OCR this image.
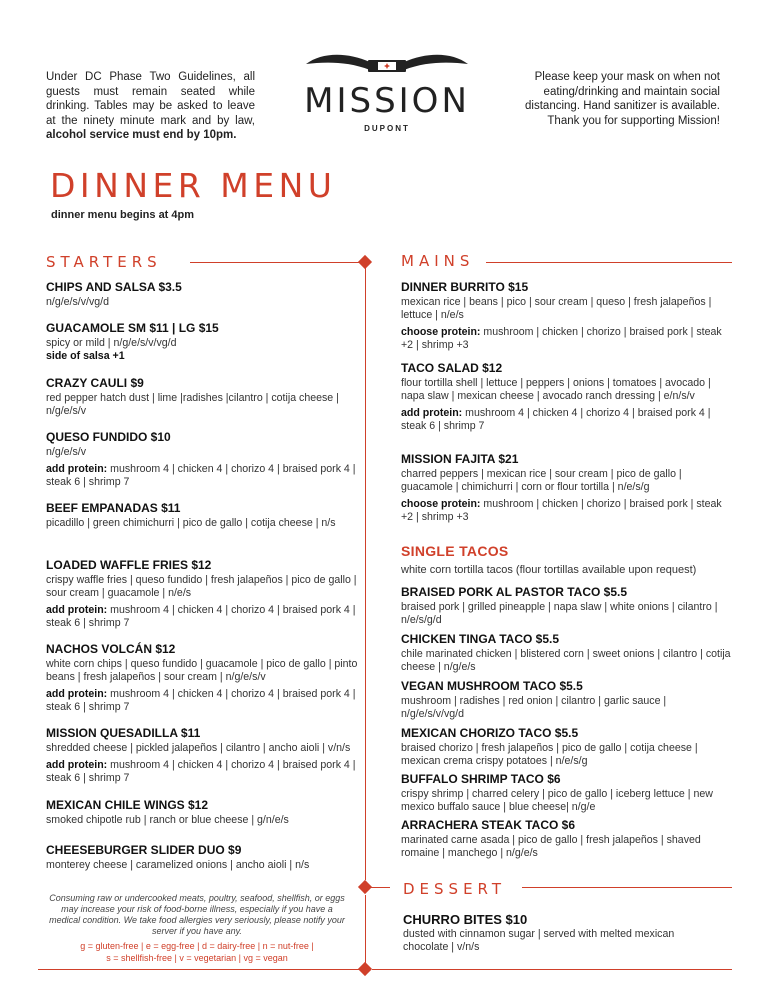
Under DC Phase Two Guidelines, all guests must remain seated while drinking. Tables may be asked to leave at the ninety minute mark and by law, alcohol service must end by 10pm.
Please keep your mask on when not
eating/drinking and maintain social
distancing. Hand sanitizer is available.
Thank you for supporting Mission!
MISSION
DUPONT
DINNER MENU
dinner menu begins at 4pm
STARTERS	MAINS
DESSERT
CHIPS AND SALSA $3.5
n/g/e/s/v/vg/d
GUACAMOLE SM $11 | LG $15
spicy or mild | n/g/e/s/v/vg/d
side of salsa +1
CRAZY CAULI $9
red pepper hatch dust | lime |radishes |cilantro | cotija cheese | n/g/e/s/v
QUESO FUNDIDO $10
n/g/e/s/v
add protein: mushroom 4 | chicken 4 | chorizo 4 | braised pork 4 | steak 6 | shrimp 7
BEEF EMPANADAS $11
picadillo | green chimichurri | pico de gallo | cotija cheese | n/s
LOADED WAFFLE FRIES $12
crispy waffle fries | queso fundido | fresh jalapeños | pico de gallo | sour cream | guacamole | n/e/s
add protein: mushroom 4 | chicken 4 | chorizo 4 | braised pork 4 | steak 6 | shrimp 7
NACHOS VOLCÁN $12
white corn chips | queso fundido | guacamole | pico de gallo | pinto beans | fresh jalapeños | sour cream | n/g/e/s/v
add protein: mushroom 4 | chicken 4 | chorizo 4 | braised pork 4 | steak 6 | shrimp 7
MISSION QUESADILLA $11
shredded cheese | pickled jalapeños | cilantro | ancho aioli | v/n/s
add protein: mushroom 4 | chicken 4 | chorizo 4 | braised pork 4 | steak 6 | shrimp 7
MEXICAN CHILE WINGS $12
smoked chipotle rub | ranch or blue cheese | g/n/e/s
CHEESEBURGER SLIDER DUO $9
monterey cheese | caramelized onions | ancho aioli | n/s
DINNER BURRITO $15
mexican rice | beans | pico | sour cream | queso | fresh jalapeños | lettuce | n/e/s
choose protein: mushroom | chicken | chorizo | braised pork | steak +2 | shrimp +3
TACO SALAD $12
flour tortilla shell | lettuce | peppers | onions | tomatoes | avocado | napa slaw | mexican cheese | avocado ranch dressing | e/n/s/v
add protein: mushroom 4 | chicken 4 | chorizo 4 | braised pork 4 | steak 6 | shrimp 7
MISSION FAJITA $21
charred peppers | mexican rice | sour cream | pico de gallo | guacamole | chimichurri | corn or flour tortilla | n/e/s/g
choose protein: mushroom | chicken | chorizo | braised pork | steak +2 | shrimp +3
SINGLE TACOS
white corn tortilla tacos (flour tortillas available upon request)
BRAISED PORK AL PASTOR TACO $5.5
braised pork | grilled pineapple | napa slaw | white onions | cilantro | n/e/s/g/d
CHICKEN TINGA TACO $5.5
chile marinated chicken | blistered corn | sweet onions | cilantro | cotija cheese | n/g/e/s
VEGAN MUSHROOM TACO $5.5
mushroom | radishes | red onion | cilantro | garlic sauce | n/g/e/s/v/vg/d
MEXICAN CHORIZO TACO $5.5
braised chorizo | fresh jalapeños | pico de gallo | cotija cheese | mexican crema crispy potatoes | n/e/s/g
BUFFALO SHRIMP TACO $6
crispy shrimp | charred celery | pico de gallo | iceberg lettuce | new mexico buffalo sauce | blue cheese| n/g/e
ARRACHERA STEAK TACO $6
marinated carne asada | pico de gallo | fresh jalapeños | shaved romaine | manchego | n/g/e/s
CHURRO BITES $10
dusted with cinnamon sugar | served with melted mexican chocolate | v/n/s
Consuming raw or undercooked meats, poultry, seafood, shellfish, or eggs may increase your risk of food-borne illness, especially if you have a medical condition. We take food allergies very seriously, please notify your server if you have any.
g = gluten-free | e = egg-free | d = dairy-free | n = nut-free |
s = shellfish-free | v = vegetarian | vg = vegan
